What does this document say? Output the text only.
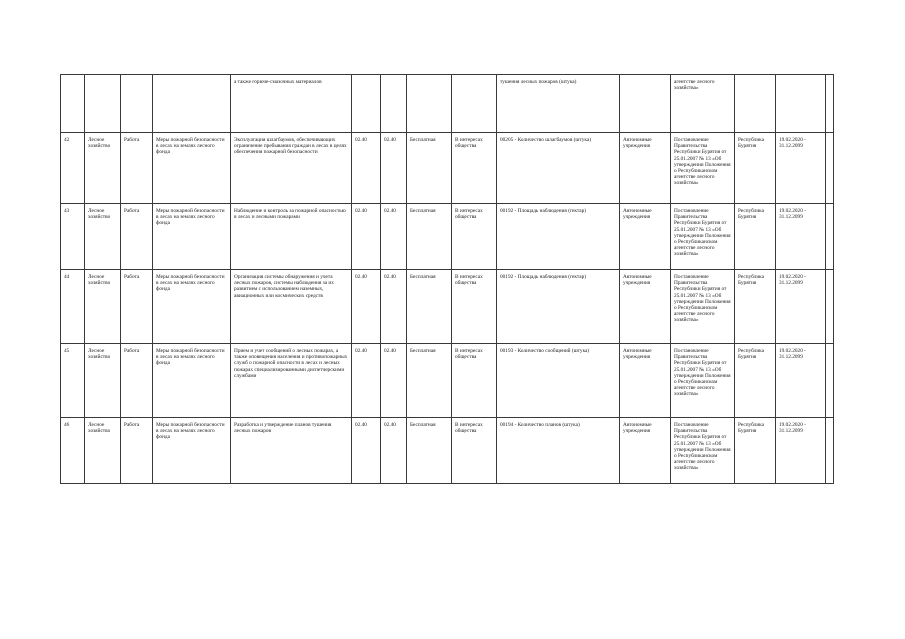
				а также горюче-смазочных материалов					тушения лесных пожаров (штука)		агентстве лесного хозяйства»			
42	Лесное хозяйство	Работа	Меры пожарной безопасности в лесах на землях лесного фонда	Эксплуатация шлагбаумов, обеспечивающих ограничение пребывания граждан в лесах в целях обеспечения пожарной безопасности	02.40	02.40	Бесплатная	В интересах общества	00205 - Количество шлагбаумов (штука)	Автономные учреждения	Постановление Правительства Республики Бурятия от 25.01.2007 № 13 «Об утверждении Положения о Республиканском агентстве лесного хозяйства»	Республика Бурятия	19.02.2020 - 31.12.2099	
43	Лесное хозяйство	Работа	Меры пожарной безопасности в лесах на землях лесного фонда	Наблюдение и контроль за пожарной опасностью в лесах и лесными пожарами	02.40	02.40	Бесплатная	В интересах общества	00192 - Площадь наблюдения (гектар)	Автономные учреждения	Постановление Правительства Республики Бурятия от 25.01.2007 № 13 «Об утверждении Положения о Республиканском агентстве лесного хозяйства»	Республика Бурятия	19.02.2020 - 31.12.2099	
44	Лесное хозяйство	Работа	Меры пожарной безопасности в лесах на землях лесного фонда	Организация системы обнаружения и учета лесных пожаров, системы наблюдения за их развитием с использованием наземных, авиационных или космических средств	02.40	02.40	Бесплатная	В интересах общества	00192 - Площадь наблюдения (гектар)	Автономные учреждения	Постановление Правительства Республики Бурятия от 25.01.2007 № 13 «Об утверждении Положения о Республиканском агентстве лесного хозяйства»	Республика Бурятия	19.02.2020 - 31.12.2099	
45	Лесное хозяйство	Работа	Меры пожарной безопасности в лесах на землях лесного фонда	Прием и учет сообщений о лесных пожарах, а также оповещения населения и противопожарных служб о пожарной опасности в лесах и лесных пожарах специализированными диспетчерскими службами	02.40	02.40	Бесплатная	В интересах общества	00193 - Количество сообщений (штука)	Автономные учреждения	Постановление Правительства Республики Бурятия от 25.01.2007 № 13 «Об утверждении Положения о Республиканском агентстве лесного хозяйства»	Республика Бурятия	19.02.2020 - 31.12.2099	
46	Лесное хозяйство	Работа	Меры пожарной безопасности в лесах на землях лесного фонда	Разработка и утверждение планов тушения лесных пожаров	02.40	02.40	Бесплатная	В интересах общества	00194 - Количество планов (штука)	Автономные учреждения	Постановление Правительства Республики Бурятия от 25.01.2007 № 13 «Об утверждении Положения о Республиканском агентстве лесного хозяйства»	Республика Бурятия	19.02.2020 - 31.12.2099	
